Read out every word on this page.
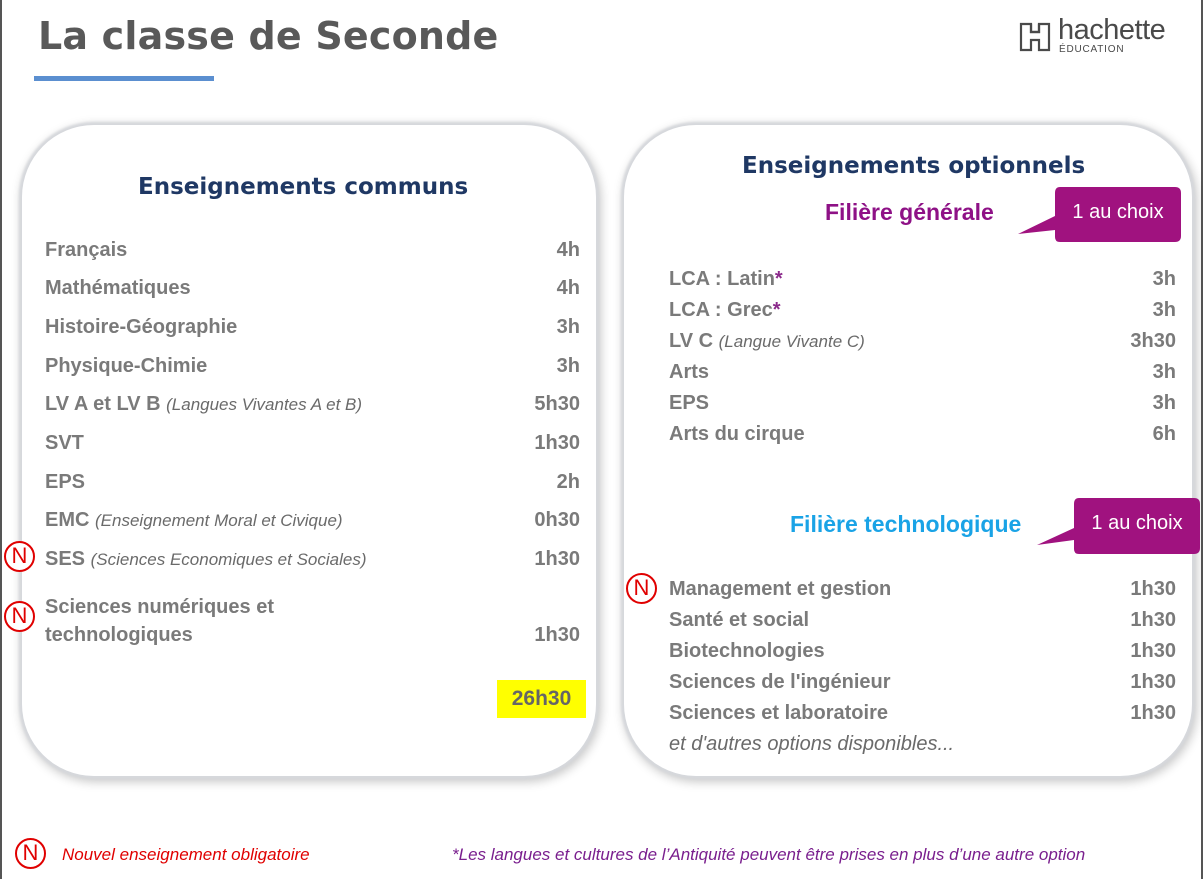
La classe de Seconde	hachette
ÉDUCATION
Enseignements communs
Français	4h
Mathématiques	4h
Histoire-Géographie	3h
Physique-Chimie	3h
LV A et LV B (Langues Vivantes A et B)	5h30
SVT	1h30
EPS	2h
EMC (Enseignement Moral et Civique)	0h30
N SES (Sciences Economiques et Sociales)	1h30
N Sciences numériques et
technologiques	1h30
26h30
Enseignements optionnels
Filière générale	1 au choix
LCA : Latin*	3h
LCA : Grec*	3h
LV C (Langue Vivante C)	3h30
Arts	3h
EPS	3h
Arts du cirque	6h
Filière technologique	1 au choix
N Management et gestion	1h30
Santé et social	1h30
Biotechnologies	1h30
Sciences de l'ingénieur	1h30
Sciences et laboratoire	1h30
et d'autres options disponibles...
N	Nouvel enseignement obligatoire	*Les langues et cultures de l’Antiquité peuvent être prises en plus d’une autre option
